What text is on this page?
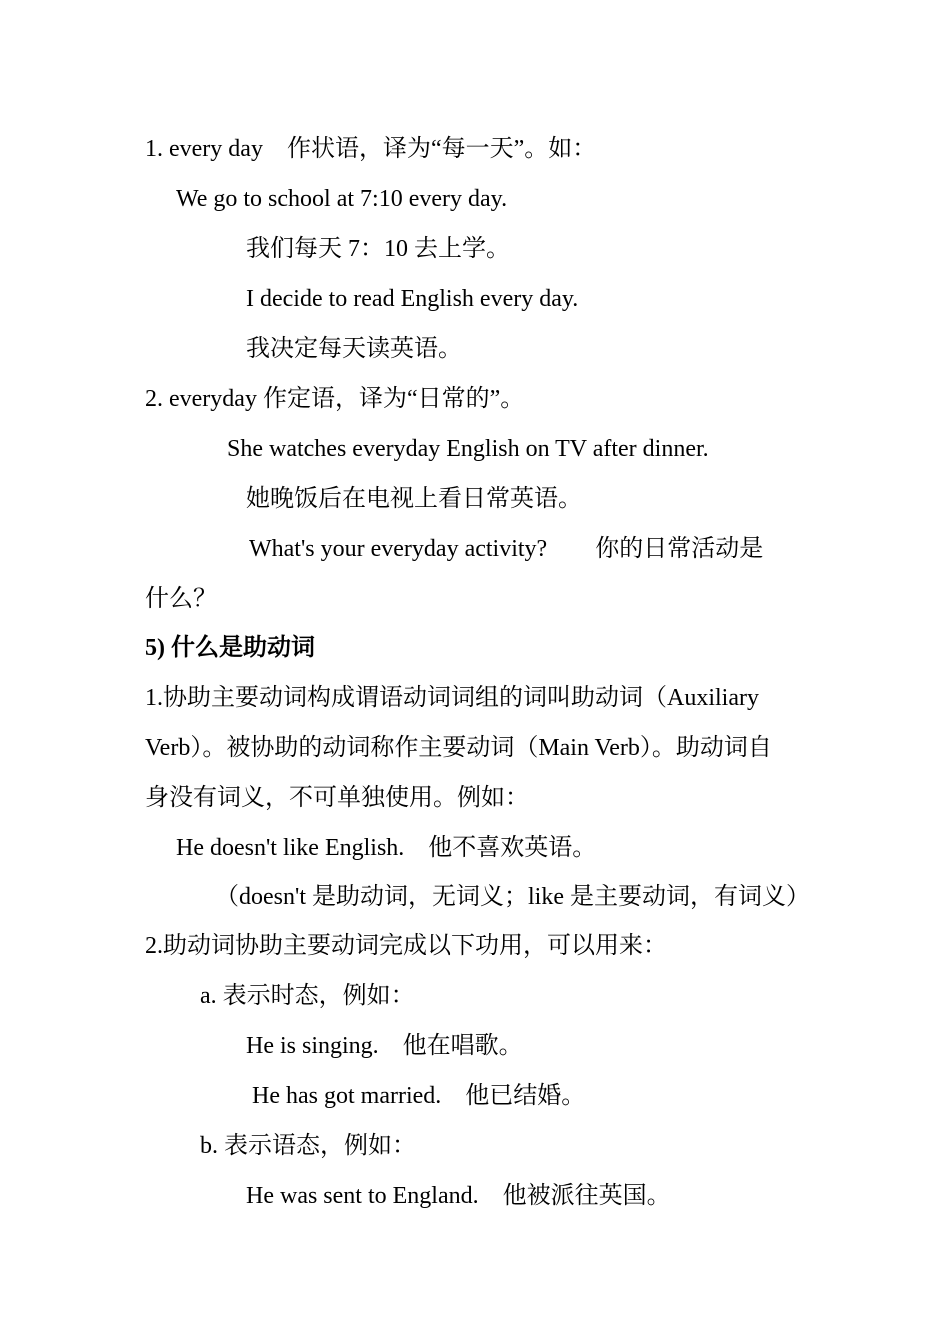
1. every day　作状语，译为“每一天”。如：
We go to school at 7:10 every day.
我们每天 7：10 去上学。
I decide to read English every day.
我决定每天读英语。
2. everyday 作定语，译为“日常的”。
She watches everyday English on TV after dinner.
她晚饭后在电视上看日常英语。
What's your everyday activity?　　你的日常活动是
什么？
5) 什么是助动词
1.协助主要动词构成谓语动词词组的词叫助动词（Auxiliary
Verb）。被协助的动词称作主要动词（Main Verb）。助动词自
身没有词义，不可单独使用。例如：
He doesn't like English.　他不喜欢英语。
（doesn't 是助动词，无词义；like 是主要动词，有词义）
2.助动词协助主要动词完成以下功用，可以用来：
a. 表示时态，例如：
He is singing.　他在唱歌。
He has got married.　他已结婚。
b. 表示语态，例如：
He was sent to England.　他被派往英国。
